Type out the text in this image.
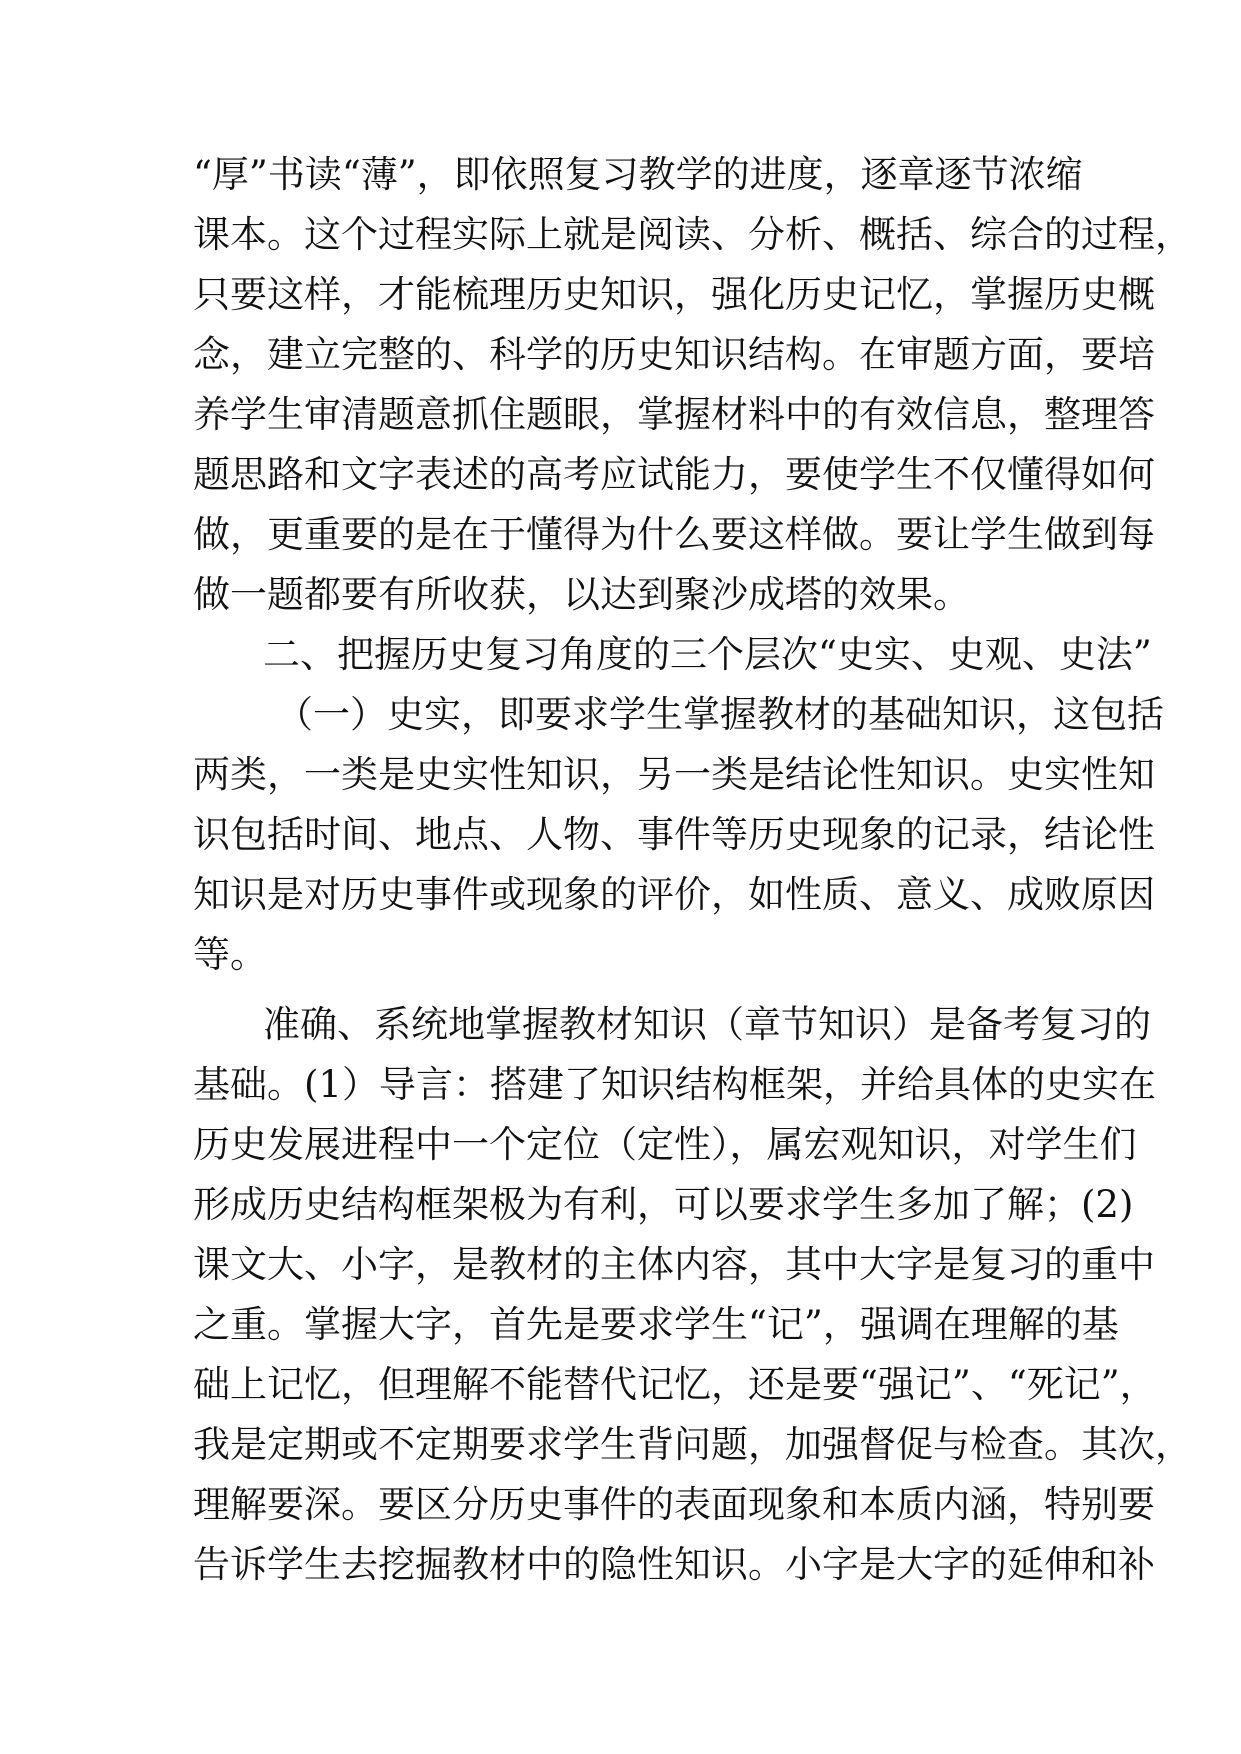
“厚”书读“薄”，即依照复习教学的进度，逐章逐节浓缩
课本。这个过程实际上就是阅读、分析、概括、综合的过程，
只要这样，才能梳理历史知识，强化历史记忆，掌握历史概
念，建立完整的、科学的历史知识结构。在审题方面，要培
养学生审清题意抓住题眼，掌握材料中的有效信息，整理答
题思路和文字表述的高考应试能力，要使学生不仅懂得如何
做，更重要的是在于懂得为什么要这样做。要让学生做到每
做一题都要有所收获，以达到聚沙成塔的效果。
二、把握历史复习角度的三个层次“史实、史观、史法”
（一）史实，即要求学生掌握教材的基础知识，这包括
两类，一类是史实性知识，另一类是结论性知识。史实性知
识包括时间、地点、人物、事件等历史现象的记录，结论性
知识是对历史事件或现象的评价，如性质、意义、成败原因
等。
准确、系统地掌握教材知识（章节知识）是备考复习的
基础。(1）导言：搭建了知识结构框架，并给具体的史实在
历史发展进程中一个定位（定性），属宏观知识，对学生们
形成历史结构框架极为有利，可以要求学生多加了解；(2)
课文大、小字，是教材的主体内容，其中大字是复习的重中
之重。掌握大字，首先是要求学生“记”，强调在理解的基
础上记忆，但理解不能替代记忆，还是要“强记”、“死记”，
我是定期或不定期要求学生背问题，加强督促与检查。其次，
理解要深。要区分历史事件的表面现象和本质内涵，特别要
告诉学生去挖掘教材中的隐性知识。小字是大字的延伸和补
